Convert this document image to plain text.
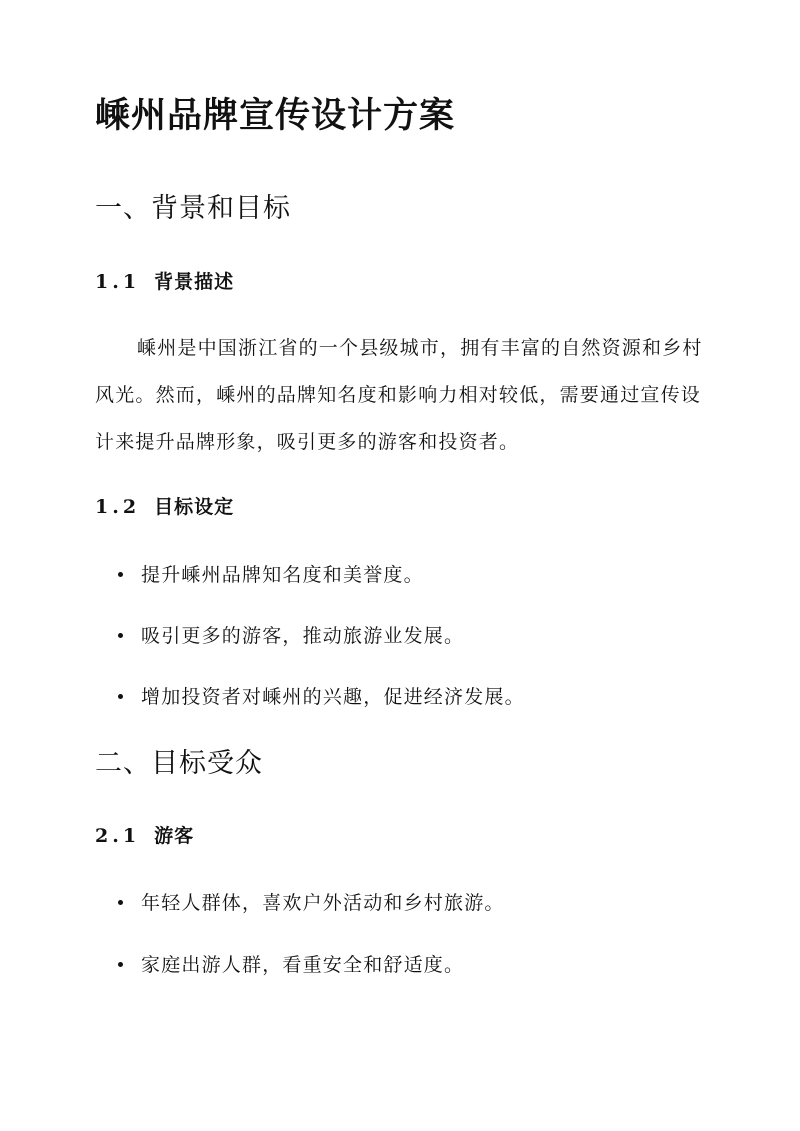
嵊州品牌宣传设计方案
一、背景和目标
1.1 背景描述

嵊州是中国浙江省的一个县级城市，拥有丰富的自然资源和乡村风光。然而，嵊州的品牌知名度和影响力相对较低，需要通过宣传设计来提升品牌形象，吸引更多的游客和投资者。

1.2 目标设定

提升嵊州品牌知名度和美誉度。

吸引更多的游客，推动旅游业发展。

增加投资者对嵊州的兴趣，促进经济发展。

二、目标受众
2.1 游客

年轻人群体，喜欢户外活动和乡村旅游。

家庭出游人群，看重安全和舒适度。
